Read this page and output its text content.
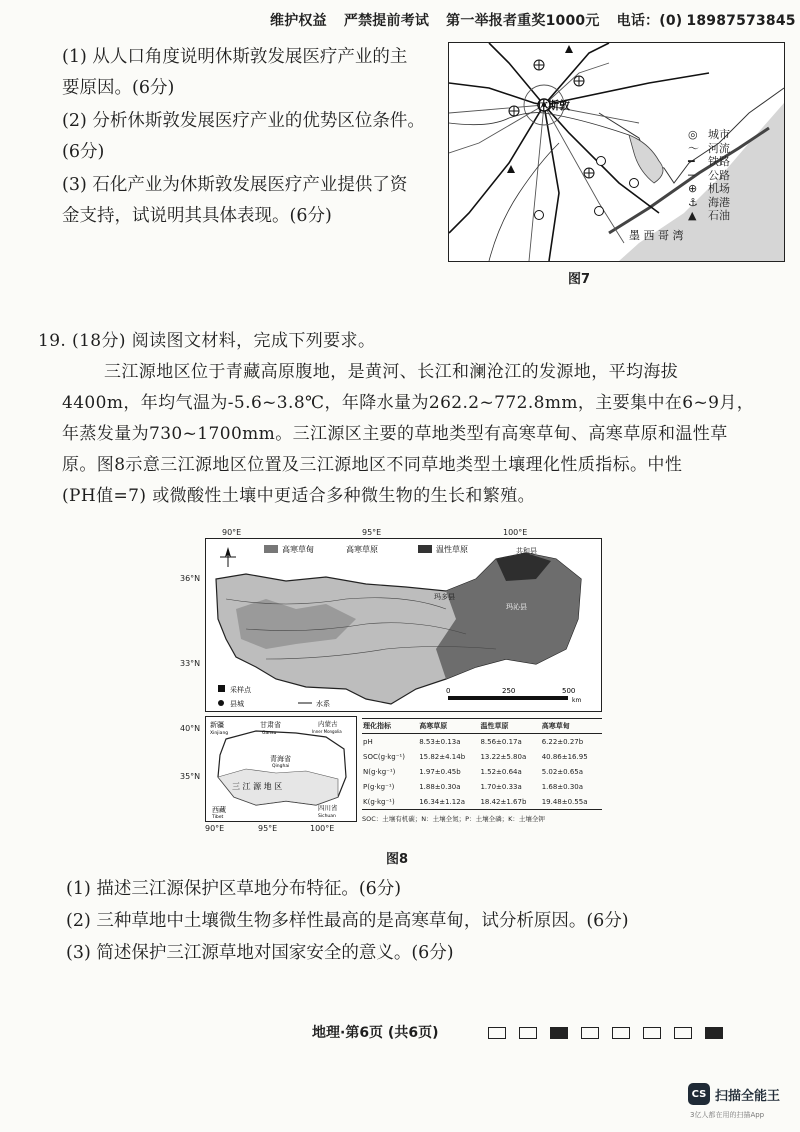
维护权益 严禁提前考试 第一举报者重奖1000元 电话：(0) 18987573845
(1) 从人口角度说明休斯敦发展医疗产业的主
要原因。(6分)
(2) 分析休斯敦发展医疗产业的优势区位条件。
(6分)
(3) 石化产业为休斯敦发展医疗产业提供了资
金支持，试说明其具体表现。(6分)
休斯敦
墨 西 哥 湾
◎ 城市
〜 河流
━ 铁路
─ 公路
⊕ 机场
⚓ 海港
▲ 石油
图7
19. (18分) 阅读图文材料，完成下列要求。
三江源地区位于青藏高原腹地，是黄河、长江和澜沧江的发源地，平均海拔
4400m，年均气温为-5.6~3.8℃，年降水量为262.2~772.8mm，主要集中在6~9月，
年蒸发量为730~1700mm。三江源区主要的草地类型有高寒草甸、高寒草原和温性草
原。图8示意三江源地区位置及三江源地区不同草地类型土壤理化性质指标。中性
(PH值=7) 或微酸性土壤中更适合多种微生物的生长和繁殖。
90°E	95°E	100°E
36°N
33°N
高寒草甸	高寒草原	温性草原	共和县
玛多县
玛沁县
采样点
县城	水系
0	250	500
km
40°N
35°N
90°E	95°E	100°E
新疆
Xinjiang
甘肃省
Gansu
内蒙古
Inner Mongolia
青海省
Qinghai
三 江 源 地 区
西藏
Tibet
四川省
Sichuan
理化指标	高寒草原	温性草原	高寒草甸
pH	8.53±0.13a	8.56±0.17a	6.22±0.27b
SOC(g·kg⁻¹)	15.82±4.14b	13.22±5.80a	40.86±16.95
N(g·kg⁻¹)	1.97±0.45b	1.52±0.64a	5.02±0.65a
P(g·kg⁻¹)	1.88±0.30a	1.70±0.33a	1.68±0.30a
K(g·kg⁻¹)	16.34±1.12a	18.42±1.67b	19.48±0.55a
SOC：土壤有机碳；N：土壤全氮；P：土壤全磷；K：土壤全钾
图8
(1) 描述三江源保护区草地分布特征。(6分)
(2) 三种草地中土壤微生物多样性最高的是高寒草甸，试分析原因。(6分)
(3) 简述保护三江源草地对国家安全的意义。(6分)
地理·第6页 (共6页)
CS 扫描全能王
3亿人都在用的扫描App
